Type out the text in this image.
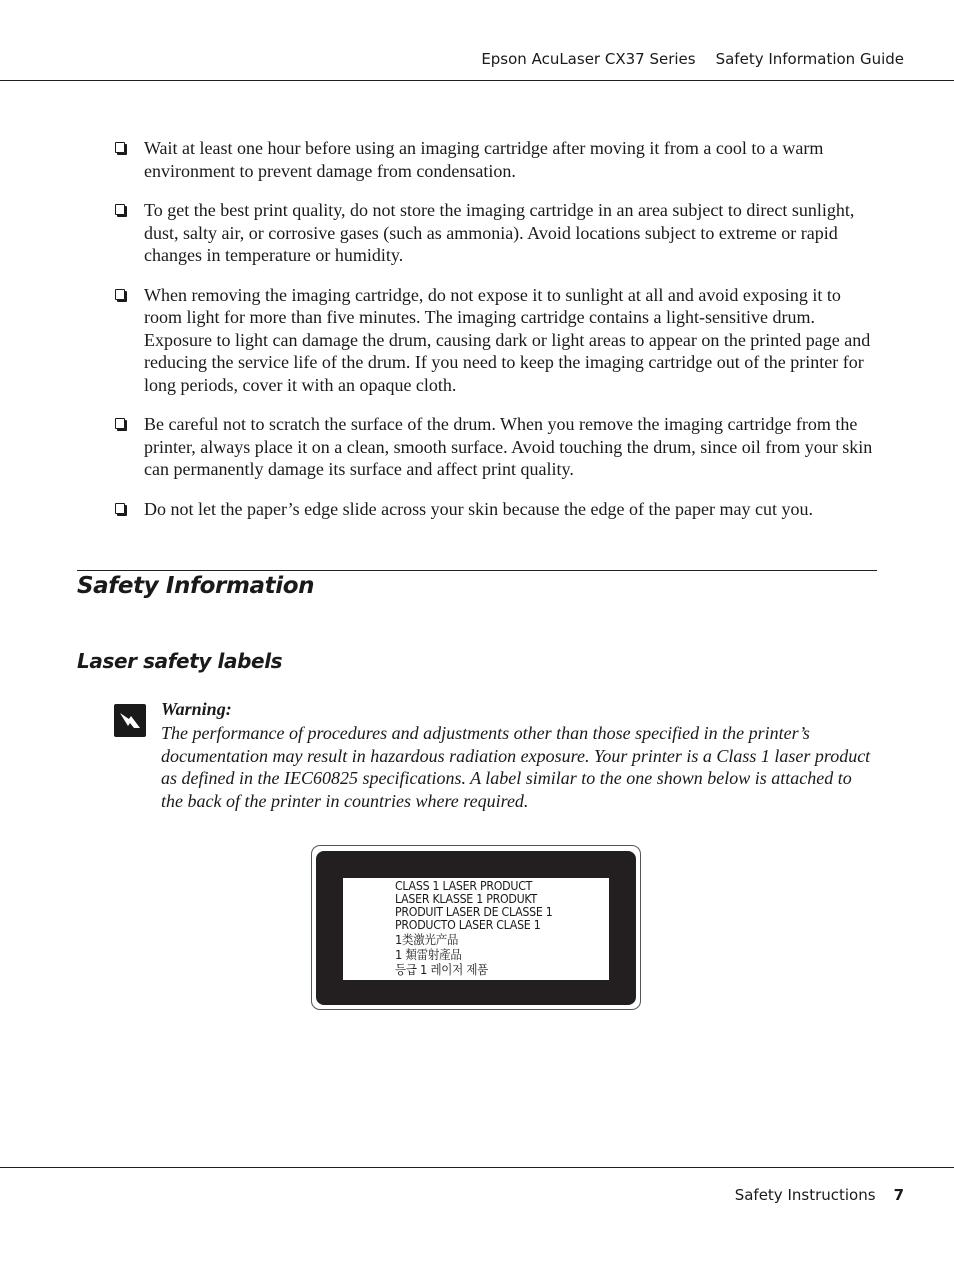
Epson AcuLaser CX37 Series Safety Information Guide
Wait at least one hour before using an imaging cartridge after moving it from a cool to a warm environment to prevent damage from condensation.
To get the best print quality, do not store the imaging cartridge in an area subject to direct sunlight, dust, salty air, or corrosive gases (such as ammonia). Avoid locations subject to extreme or rapid changes in temperature or humidity.
When removing the imaging cartridge, do not expose it to sunlight at all and avoid exposing it to room light for more than five minutes. The imaging cartridge contains a light-sensitive drum. Exposure to light can damage the drum, causing dark or light areas to appear on the printed page and reducing the service life of the drum. If you need to keep the imaging cartridge out of the printer for long periods, cover it with an opaque cloth.
Be careful not to scratch the surface of the drum. When you remove the imaging cartridge from the printer, always place it on a clean, smooth surface. Avoid touching the drum, since oil from your skin can permanently damage its surface and affect print quality.
Do not let the paper’s edge slide across your skin because the edge of the paper may cut you.
Safety Information
Laser safety labels
Warning:
The performance of procedures and adjustments other than those specified in the printer’s documentation may result in hazardous radiation exposure. Your printer is a Class 1 laser product as defined in the IEC60825 specifications. A label similar to the one shown below is attached to the back of the printer in countries where required.
CLASS 1 LASER PRODUCT
LASER KLASSE 1 PRODUKT
PRODUIT LASER DE CLASSE 1
PRODUCTO LASER CLASE 1
1类激光产品
1 類雷射產品
등급 1 레이저 제품
Safety Instructions 7
